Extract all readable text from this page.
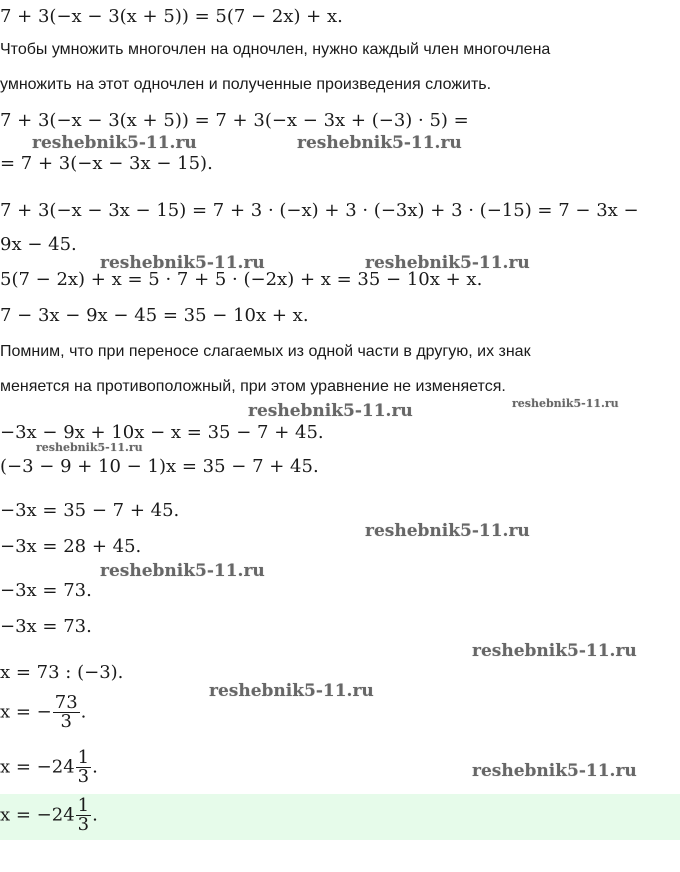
7 + 3(−x − 3(x + 5)) = 5(7 − 2x) + x.
Чтобы умножить многочлен на одночлен, нужно каждый член многочлена
умножить на этот одночлен и полученные произведения сложить.
7 + 3(−x − 3(x + 5)) = 7 + 3(−x − 3x + (−3) · 5) =
= 7 + 3(−x − 3x − 15).
7 + 3(−x − 3x − 15) = 7 + 3 · (−x) + 3 · (−3x) + 3 · (−15) = 7 − 3x −
9x − 45.
5(7 − 2x) + x = 5 · 7 + 5 · (−2x) + x = 35 − 10x + x.
7 − 3x − 9x − 45 = 35 − 10x + x.
Помним, что при переносе слагаемых из одной части в другую, их знак
меняется на противоположный, при этом уравнение не изменяется.
−3x − 9x + 10x − x = 35 − 7 + 45.
(−3 − 9 + 10 − 1)x = 35 − 7 + 45.
−3x = 35 − 7 + 45.
−3x = 28 + 45.
−3x = 73.
−3x = 73.
x = 73 : (−3).
x = − $\frac{73}{3}$ .
$x = -24 \frac{1}{3}$ .
$x = -24 \frac{1}{3}$ .
reshebnik5-11.ru	reshebnik5-11.ru
reshebnik5-11.ru	reshebnik5-11.ru
reshebnik5-11.ru	reshebnik5-11.ru
reshebnik5-11.ru
reshebnik5-11.ru
reshebnik5-11.ru
reshebnik5-11.ru
reshebnik5-11.ru
reshebnik5-11.ru
